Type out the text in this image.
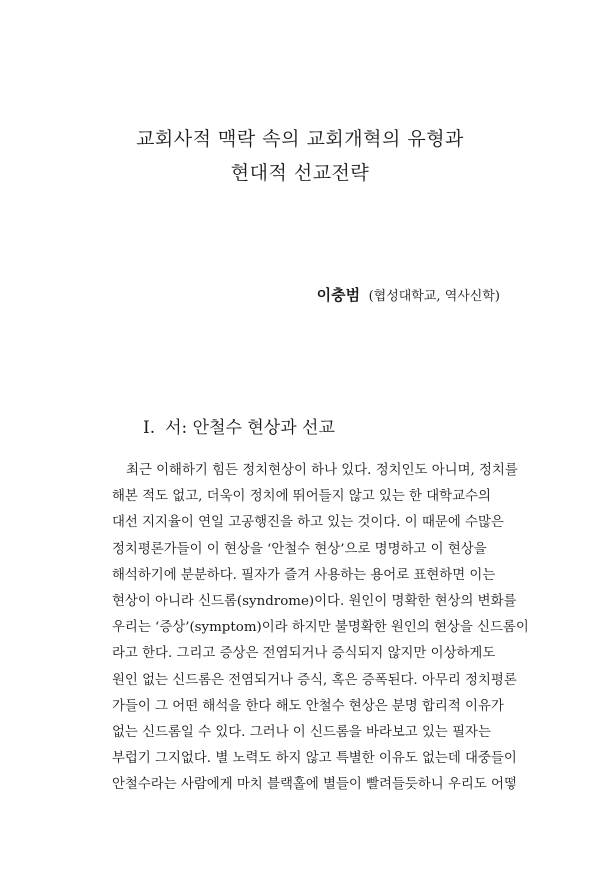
교회사적 맥락 속의 교회개혁의 유형과
현대적 선교전략
이충범 (협성대학교, 역사신학)
Ⅰ. 서: 안철수 현상과 선교
최근 이해하기 힘든 정치현상이 하나 있다. 정치인도 아니며, 정치를
해본 적도 없고, 더욱이 정치에 뛰어들지 않고 있는 한 대학교수의
대선 지지율이 연일 고공행진을 하고 있는 것이다. 이 때문에 수많은
정치평론가들이 이 현상을 ‘안철수 현상’으로 명명하고 이 현상을
해석하기에 분분하다. 필자가 즐겨 사용하는 용어로 표현하면 이는
현상이 아니라 신드롬(syndrome)이다. 원인이 명확한 현상의 변화를
우리는 ‘증상’(symptom)이라 하지만 불명확한 원인의 현상을 신드롬이
라고 한다. 그리고 증상은 전염되거나 증식되지 않지만 이상하게도
원인 없는 신드롬은 전염되거나 증식, 혹은 증폭된다. 아무리 정치평론
가들이 그 어떤 해석을 한다 해도 안철수 현상은 분명 합리적 이유가
없는 신드롬일 수 있다. 그러나 이 신드롬을 바라보고 있는 필자는
부럽기 그지없다. 별 노력도 하지 않고 특별한 이유도 없는데 대중들이
안철수라는 사람에게 마치 블랙홀에 별들이 빨려들듯하니 우리도 어떻
